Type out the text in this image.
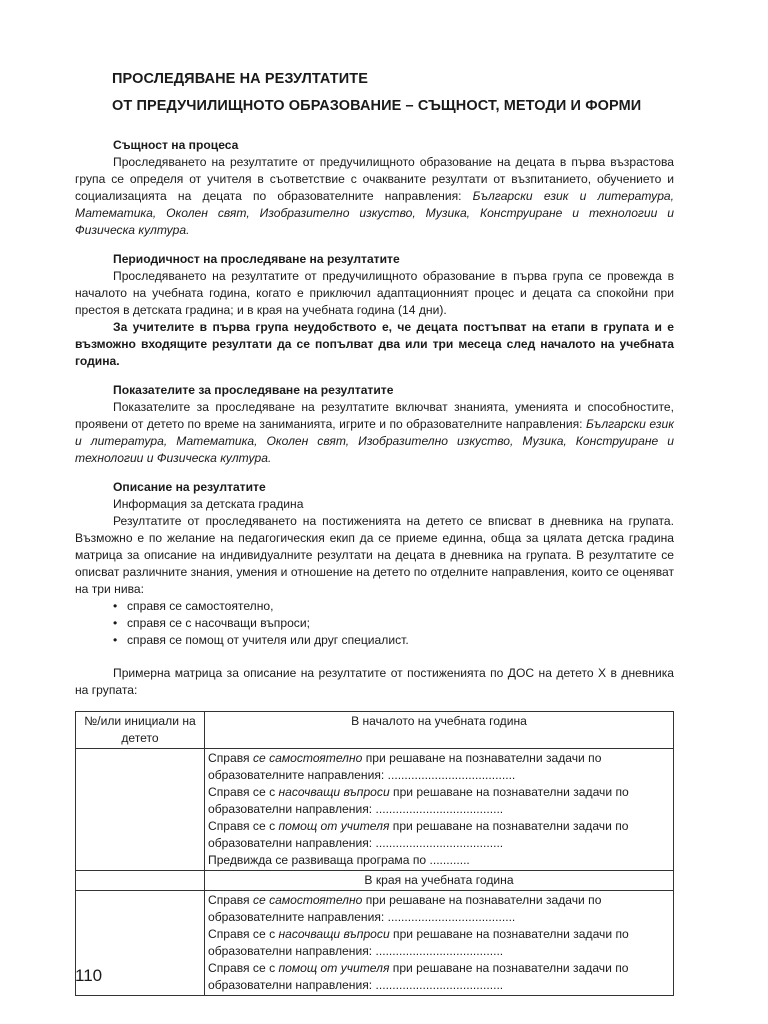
ПРОСЛЕДЯВАНЕ НА РЕЗУЛТАТИТЕ
ОТ ПРЕДУЧИЛИЩНОТО ОБРАЗОВАНИЕ – СЪЩНОСТ, МЕТОДИ И ФОРМИ
Същност на процеса

Проследяването на резултатите от предучилищното образование на децата в първа възрастова група се определя от учителя в съответствие с очакваните резултати от възпитанието, обучението и социализацията на децата по образователните направления: Български език и литература, Математика, Околен свят, Изобразително изкуство, Музика, Конструиране и технологии и Физическа култура.

Периодичност на проследяване на резултатите

Проследяването на резултатите от предучилищното образование в първа група се провежда в началото на учебната година, когато е приключил адаптационният процес и децата са спокойни при престоя в детската градина; и в края на учебната година (14 дни).

За учителите в първа група неудобството е, че децата постъпват на етапи в групата и е възможно входящите резултати да се попълват два или три месеца след началото на учебната година.

Показателите за проследяване на резултатите

Показателите за проследяване на резултатите включват знанията, уменията и способностите, проявени от детето по време на заниманията, игрите и по образователните направления: Български език и литература, Математика, Околен свят, Изобразително изкуство, Музика, Конструиране и технологии и Физическа култура.

Описание на резултатите

Информация за детската градина

Резултатите от проследяването на постиженията на детето се вписват в дневника на групата. Възможно е по желание на педагогическия екип да се приеме единна, обща за цялата детска градина матрица за описание на индивидуалните резултати на децата в дневника на групата. В резултатите се описват различните знания, умения и отношение на детето по отделните направления, които се оценяват на три нива:

• справя се самостоятелно,
• справя се с насочващи въпроси;
• справя се помощ от учителя или друг специалист.

Примерна матрица за описание на резултатите от постиженията по ДОС на детето Х в дневника на групата:

№/или инициали на детето	В началото на учебната година

	Справя се самостоятелно при решаване на познавателни задачи по образователните направления: ......................................

Справя се с насочващи въпроси при решаване на познавателни задачи по образователни направления: ......................................

Справя се с помощ от учителя при решаване на познавателни задачи по образователни направления: ......................................

Предвижда се развиваща програма по ............

	В края на учебната година

	Справя се самостоятелно при решаване на познавателни задачи по образователните направления: ......................................

Справя се с насочващи въпроси при решаване на познавателни задачи по образователни направления: ......................................

Справя се с помощ от учителя при решаване на познавателни задачи по образователни направления: ......................................

110
